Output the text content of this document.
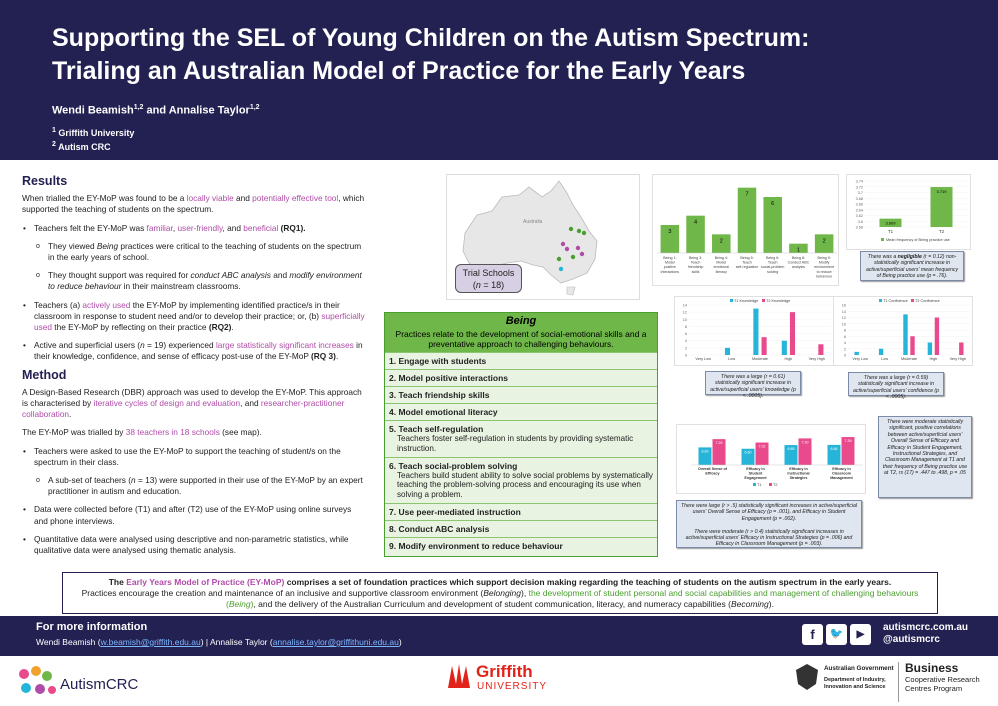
Supporting the SEL of Young Children on the Autism Spectrum:
Trialing an Australian Model of Practice for the Early Years
Wendi Beamish$^{1,2}$ and Annalise Taylor$^{1,2}$
$^1$ Griffith University
$^2$ Autism CRC
Results

When trialled the EY-MoP was found to be a locally viable and potentially effective tool, which supported the teaching of students on the spectrum.

• Teachers felt the EY-MoP was familiar, user-friendly, and beneficial (RQ1).
o They viewed Being practices were critical to the teaching of students on the spectrum in the early years of school.
o They thought support was required for conduct ABC analysis and modify environment to reduce behaviour in their mainstream classrooms.
• Teachers (a) actively used the EY-MoP by implementing identified practice/s in their classroom in response to student need and/or to develop their practice; or, (b) superficially used the EY-MoP by reflecting on their practice (RQ2).
• Active and superficial users (n = 19) experienced large statistically significant increases in their knowledge, confidence, and sense of efficacy post-use of the EY-MoP (RQ 3).
Method

A Design-Based Research (DBR) approach was used to develop the EY-MoP. This approach is characterised by iterative cycles of design and evaluation, and researcher-practitioner collaboration.

The EY-MoP was trialled by 38 teachers in 18 schools (see map).

• Teachers were asked to use the EY-MoP to support the teaching of student/s on the spectrum in their class.
o A sub-set of teachers (n = 13) were supported in their use of the EY-MoP by an expert practitioner in autism and education.
• Data were collected before (T1) and after (T2) use of the EY-MoP using online surveys and phone interviews.
• Quantitative data were analysed using descriptive and non-parametric statistics, while qualitative data were analysed using thematic analysis.
Australia
Trial Schools
(n = 18)
Being
Practices relate to the development of social-emotional skills and a preventative approach to challenging behaviours.
1. Engage with students
2. Model positive interactions
3. Teach friendship skills
4. Model emotional literacy
5. Teach self-regulation
Teachers foster self-regulation in students by providing systematic instruction.
6. Teach social-problem solving
Teachers build student ability to solve social problems by systematically teaching the problem-solving process and encouraging its use when solving a problem.
7. Use peer-mediated instruction
8. Conduct ABC analysis
9. Modify environment to reduce behaviour
3
Being 1:
Model
positive
interactions
4
Being 3:
Teach
friendship
skills
2
Being 4:
Model
emotional
literacy
7
Being 5:
Teach
self-regulation
6
Being 6:
Teach
social-problem
solving
1
Being 8:
Conduct ABC
analysis
2
Being 9:
Modify
environment
to reduce
behaviour
3.74
3.72
3.7
3.68
3.66
3.64
3.62
3.6
3.58
3.609
T1
3.719
T2
Mean frequency of Being practice use
There was a negligible (r = 0.12) non-statistically significant increase in active/superficial users' mean frequency of Being practice use (p = .76).
14
12
10
8
6
4
2
0
Very Low	Low	Moderate	High	Very High
T1 Knowledge T2 Knowledge
There was a large (r = 0.61) statistically significant increase in active/superficial users' knowledge (p < .0005).
16
14
12
10
8
6
4
2
0
Very Low	Low	Moderate	High	Very High
T1 Confidence T2 Confidence
There was a large (r = 0.59) statistically significant increase in active/superficial users' confidence (p < .0005).
6.69
7.25
Overall Sense of
Efficacy
6.60
7.02
Efficacy in
Student
Engagement
6.85
7.30
Efficacy in
Instructional
Strategies
6.86
7.39
Efficacy in
Classroom
Management
T1	T2
There were large (r > .5) statistically significant increases in active/superficial users' Overall Sense of Efficacy (p = .001), and Efficacy in Student Engagement (p = .002).

There were moderate (r > 0.4) statistically significant increases in active/superficial users' Efficacy in Instructional Strategies (p = .006) and Efficacy in Classroom Management (p = .003).
There were moderate statistically significant, positive correlations between active/superficial users' Overall Sense of Efficacy and Efficacy in Student Engagement, Instructional Strategies, and Classroom Management at T1 and their frequency of Being practice use at T2, rs (17) = .447 to .498, p = .05
The Early Years Model of Practice (EY-MoP) comprises a set of foundation practices which support decision making regarding the teaching of students on the autism spectrum in the early years.
Practices encourage the creation and maintenance of an inclusive and supportive classroom environment (Belonging), the development of student personal and social capabilities and management of challenging behaviours (Being), and the delivery of the Australian Curriculum and development of student communication, literacy, and numeracy capabilities (Becoming).
For more information
Wendi Beamish (w.beamish@griffith.edu.au) | Annalise Taylor (annalise.taylor@griffithuni.edu.au)	f	🐦	▶
autismcrc.com.au
@autismcrc
AutismCRC
Griffith
UNIVERSITY
Australian Government
Department of Industry,
Innovation and Science
Business
Cooperative Research
Centres Program
